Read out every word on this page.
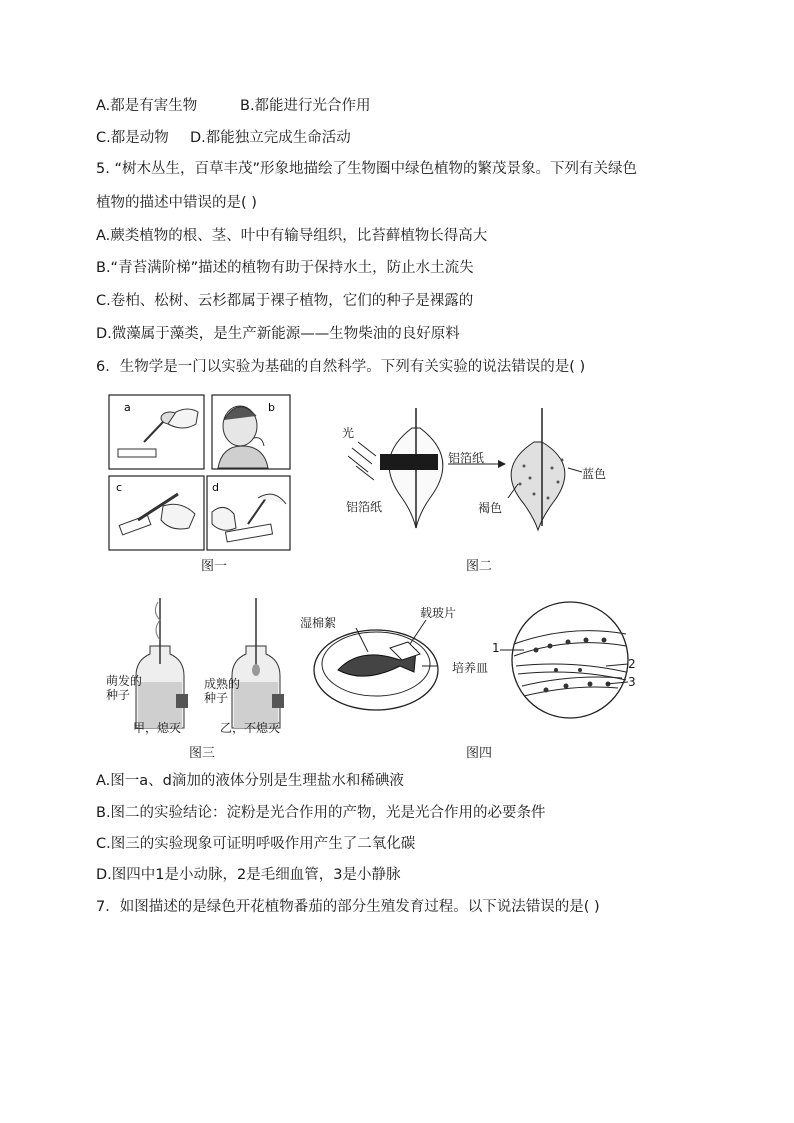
A.都是有害生物	B.都能进行光合作用
C.都是动物 D.都能独立完成生命活动
5. “树木丛生，百草丰茂”形象地描绘了生物圈中绿色植物的繁茂景象。下列有关绿色
植物的描述中错误的是( )
A.蕨类植物的根、茎、叶中有输导组织，比苔藓植物长得高大
B.“青苔满阶梯”描述的植物有助于保持水土，防止水土流失
C.卷柏、松树、云杉都属于裸子植物，它们的种子是裸露的
D.微藻属于藻类，是生产新能源——生物柴油的良好原料
6．生物学是一门以实验为基础的自然科学。下列有关实验的说法错误的是( )
a	b
c	d
图一
光
铝箔纸
铝箔纸
褐色
蓝色
图二
萌发的
种子
成熟的
种子
甲，熄灭	乙，不熄灭
图三
湿棉絮
载玻片
培养皿
1
2
3
图四
A.图一a、d滴加的液体分别是生理盐水和稀碘液
B.图二的实验结论：淀粉是光合作用的产物，光是光合作用的必要条件
C.图三的实验现象可证明呼吸作用产生了二氧化碳
D.图四中1是小动脉，2是毛细血管，3是小静脉
7．如图描述的是绿色开花植物番茄的部分生殖发育过程。以下说法错误的是( )
